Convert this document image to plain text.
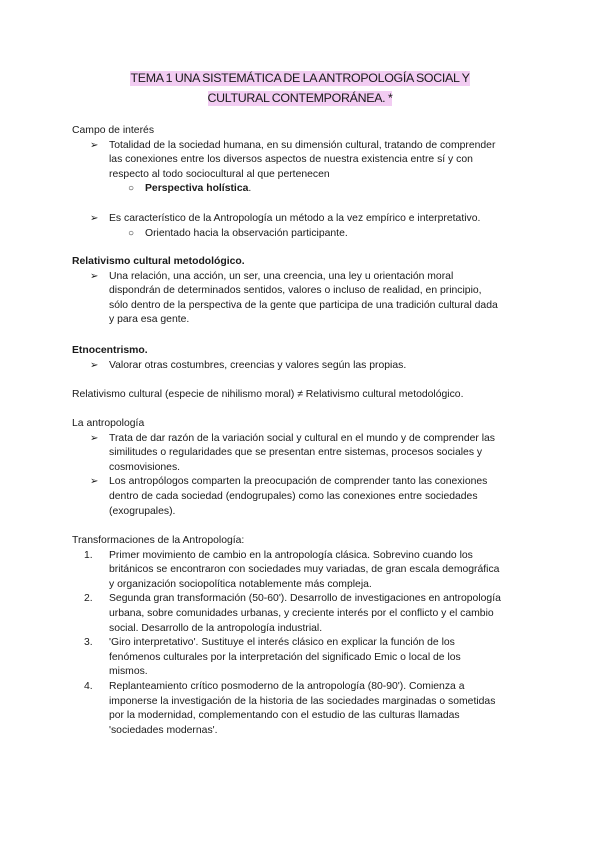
TEMA 1 UNA SISTEMÁTICA DE LA ANTROPOLOGÍA SOCIAL Y
CULTURAL CONTEMPORÁNEA. *
Campo de interés
➢ Totalidad de la sociedad humana, en su dimensión cultural, tratando de comprender
las conexiones entre los diversos aspectos de nuestra existencia entre sí y con
respecto al todo sociocultural al que pertenecen
○ Perspectiva holística.
➢ Es característico de la Antropología un método a la vez empírico e interpretativo.
○ Orientado hacia la observación participante.
Relativismo cultural metodológico.
➢ Una relación, una acción, un ser, una creencia, una ley u orientación moral
dispondrán de determinados sentidos, valores o incluso de realidad, en principio,
sólo dentro de la perspectiva de la gente que participa de una tradición cultural dada
y para esa gente.
Etnocentrismo.
➢ Valorar otras costumbres, creencias y valores según las propias.
Relativismo cultural (especie de nihilismo moral) ≠ Relativismo cultural metodológico.
La antropología
➢ Trata de dar razón de la variación social y cultural en el mundo y de comprender las
similitudes o regularidades que se presentan entre sistemas, procesos sociales y
cosmovisiones.
➢ Los antropólogos comparten la preocupación de comprender tanto las conexiones
dentro de cada sociedad (endogrupales) como las conexiones entre sociedades
(exogrupales).
Transformaciones de la Antropología:
1. Primer movimiento de cambio en la antropología clásica. Sobrevino cuando los
británicos se encontraron con sociedades muy variadas, de gran escala demográfica
y organización sociopolítica notablemente más compleja.
2. Segunda gran transformación (50-60'). Desarrollo de investigaciones en antropología
urbana, sobre comunidades urbanas, y creciente interés por el conflicto y el cambio
social. Desarrollo de la antropología industrial.
3. 'Giro interpretativo'. Sustituye el interés clásico en explicar la función de los
fenómenos culturales por la interpretación del significado Emic o local de los
mismos.
4. Replanteamiento crítico posmoderno de la antropología (80-90'). Comienza a
imponerse la investigación de la historia de las sociedades marginadas o sometidas
por la modernidad, complementando con el estudio de las culturas llamadas
'sociedades modernas'.
